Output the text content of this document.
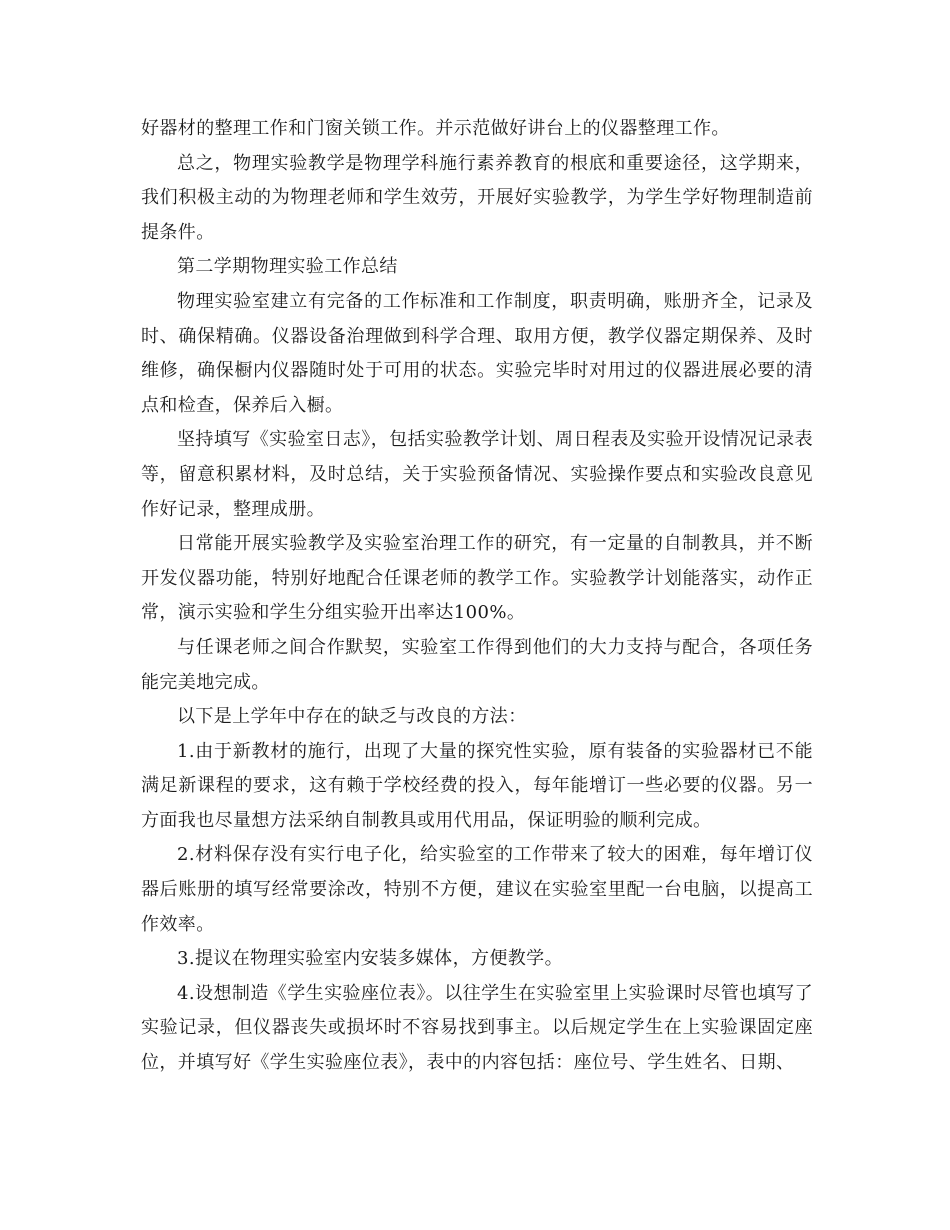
好器材的整理工作和门窗关锁工作。并示范做好讲台上的仪器整理工作。

总之，物理实验教学是物理学科施行素养教育的根底和重要途径，这学期来，我们积极主动的为物理老师和学生效劳，开展好实验教学，为学生学好物理制造前提条件。

第二学期物理实验工作总结

物理实验室建立有完备的工作标准和工作制度，职责明确，账册齐全，记录及时、确保精确。仪器设备治理做到科学合理、取用方便，教学仪器定期保养、及时维修，确保橱内仪器随时处于可用的状态。实验完毕时对用过的仪器进展必要的清点和检查，保养后入橱。

坚持填写《实验室日志》，包括实验教学计划、周日程表及实验开设情况记录表等，留意积累材料，及时总结，关于实验预备情况、实验操作要点和实验改良意见作好记录，整理成册。

日常能开展实验教学及实验室治理工作的研究，有一定量的自制教具，并不断开发仪器功能，特别好地配合任课老师的教学工作。实验教学计划能落实，动作正常，演示实验和学生分组实验开出率达100%。

与任课老师之间合作默契，实验室工作得到他们的大力支持与配合，各项任务能完美地完成。

以下是上学年中存在的缺乏与改良的方法：

1.由于新教材的施行，出现了大量的探究性实验，原有装备的实验器材已不能满足新课程的要求，这有赖于学校经费的投入，每年能增订一些必要的仪器。另一方面我也尽量想方法采纳自制教具或用代用品，保证明验的顺利完成。

2.材料保存没有实行电子化，给实验室的工作带来了较大的困难，每年增订仪器后账册的填写经常要涂改，特别不方便，建议在实验室里配一台电脑，以提高工作效率。

3.提议在物理实验室内安装多媒体，方便教学。

4.设想制造《学生实验座位表》。以往学生在实验室里上实验课时尽管也填写了实验记录，但仪器丧失或损坏时不容易找到事主。以后规定学生在上实验课固定座位，并填写好《学生实验座位表》，表中的内容包括：座位号、学生姓名、日期、
